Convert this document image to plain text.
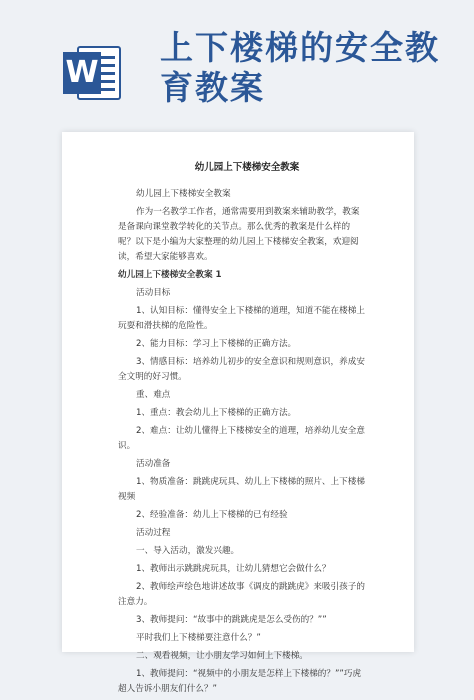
W
上下楼梯的安全教
育教案
幼儿园上下楼梯安全教案

幼儿园上下楼梯安全教案

作为一名教学工作者，通常需要用到教案来辅助教学，教案是备课向课堂教学转化的关节点。那么优秀的教案是什么样的呢？以下是小编为大家整理的幼儿园上下楼梯安全教案，欢迎阅读，希望大家能够喜欢。

幼儿园上下楼梯安全教案 1

活动目标

1、认知目标：懂得安全上下楼梯的道理，知道不能在楼梯上玩耍和滑扶梯的危险性。

2、能力目标：学习上下楼梯的正确方法。

3、情感目标：培养幼儿初步的安全意识和规则意识，养成安全文明的好习惯。

重、难点

1、重点：教会幼儿上下楼梯的正确方法。

2、难点：让幼儿懂得上下楼梯安全的道理，培养幼儿安全意识。

活动准备

1、物质准备：跳跳虎玩具、幼儿上下楼梯的照片、上下楼梯视频

2、经验准备：幼儿上下楼梯的已有经验

活动过程

一、导入活动，激发兴趣。

1、教师出示跳跳虎玩具，让幼儿猜想它会做什么？

2、教师绘声绘色地讲述故事《调皮的跳跳虎》来吸引孩子的注意力。

3、教师提问：“故事中的跳跳虎是怎么受伤的？””

平时我们上下楼梯要注意什么？”

二、观看视频，让小朋友学习如何上下楼梯。

1、教师提问：“视频中的小朋友是怎样上下楼梯的？””巧虎超人告诉小朋友们什么？”
